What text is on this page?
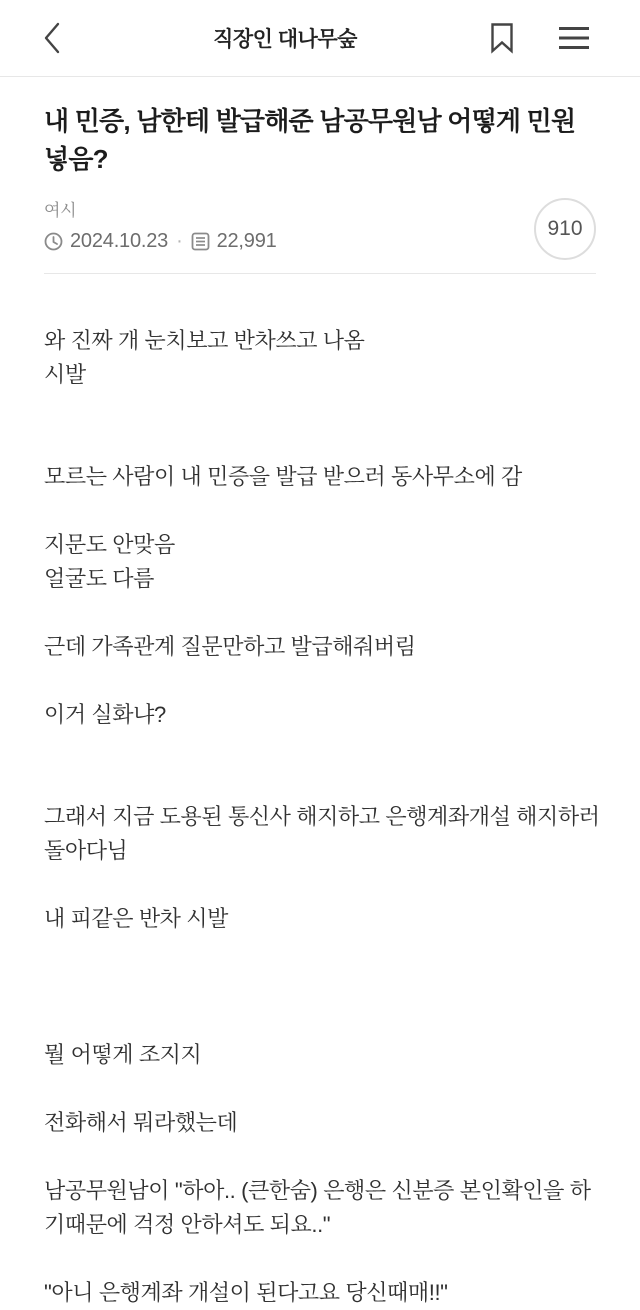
직장인 대나무숲
내 민증, 남한테 발급해준 남공무원남 어떻게 민원넣음?
여시
2024.10.23 · 22,991
910
와 진짜 개 눈치보고 반차쓰고 나옴
시발

모르는 사람이 내 민증을 발급 받으러 동사무소에 감

지문도 안맞음
얼굴도 다름

근데 가족관계 질문만하고 발급해줘버림

이거 실화냐?

그래서 지금 도용된 통신사 해지하고 은행계좌개설 해지하러
돌아다님

내 피같은 반차 시발

뭘 어떻게 조지지

전화해서 뭐라했는데

남공무원남이 "하아.. (큰한숨) 은행은 신분증 본인확인을 하
기때문에 걱정 안하셔도 되요.."

"아니 은행계좌 개설이 된다고요 당신때매!!"
